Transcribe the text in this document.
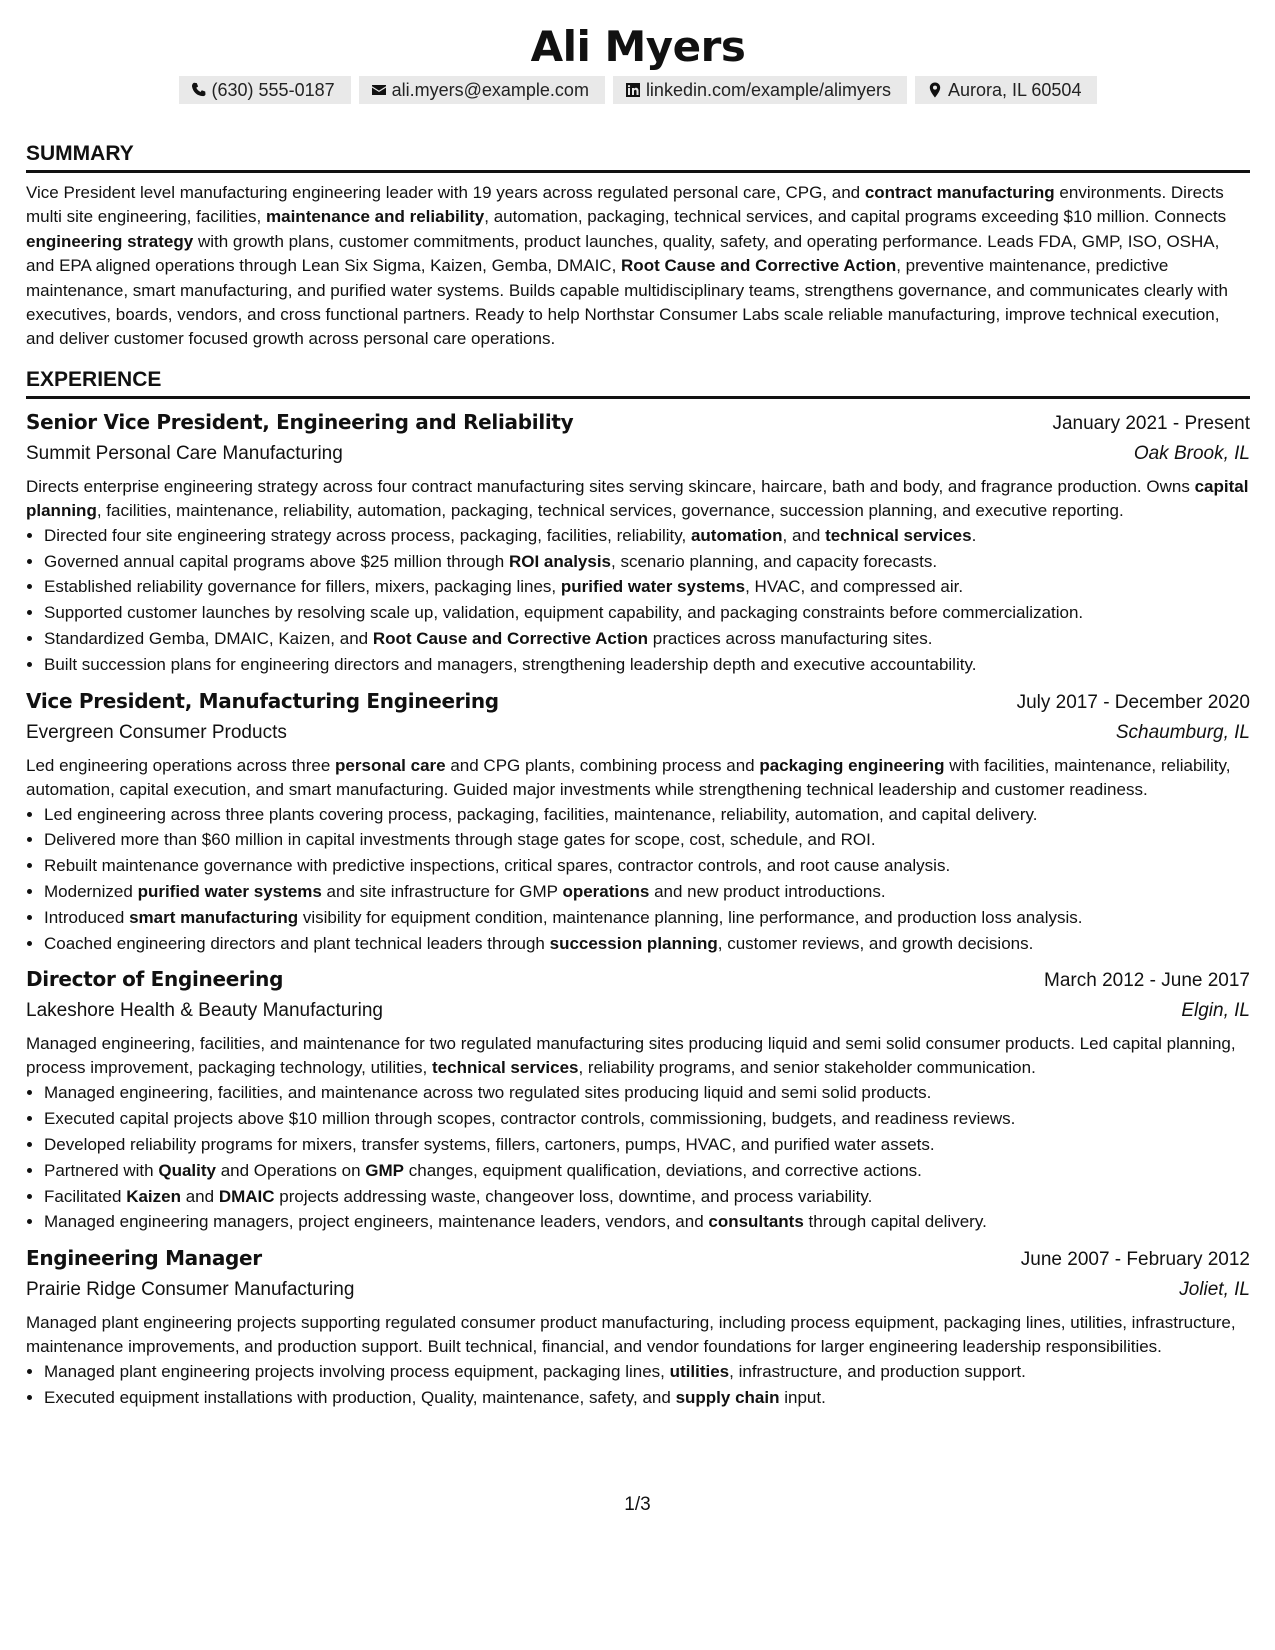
Ali Myers
(630) 555-0187	ali.myers@example.com	linkedin.com/example/alimyers	Aurora, IL 60504
SUMMARY

Vice President level manufacturing engineering leader with 19 years across regulated personal care, CPG, and contract manufacturing environments. Directs multi site engineering, facilities, maintenance and reliability, automation, packaging, technical services, and capital programs exceeding $10 million. Connects engineering strategy with growth plans, customer commitments, product launches, quality, safety, and operating performance. Leads FDA, GMP, ISO, OSHA, and EPA aligned operations through Lean Six Sigma, Kaizen, Gemba, DMAIC, Root Cause and Corrective Action, preventive maintenance, predictive maintenance, smart manufacturing, and purified water systems. Builds capable multidisciplinary teams, strengthens governance, and communicates clearly with executives, boards, vendors, and cross functional partners. Ready to help Northstar Consumer Labs scale reliable manufacturing, improve technical execution, and deliver customer focused growth across personal care operations.

EXPERIENCE
Senior Vice President, Engineering and Reliability	January 2021 - Present
Summit Personal Care Manufacturing	Oak Brook, IL

Directs enterprise engineering strategy across four contract manufacturing sites serving skincare, haircare, bath and body, and fragrance production. Owns capital planning, facilities, maintenance, reliability, automation, packaging, technical services, governance, succession planning, and executive reporting.

• Directed four site engineering strategy across process, packaging, facilities, reliability, automation, and technical services.
• Governed annual capital programs above $25 million through ROI analysis, scenario planning, and capacity forecasts.
• Established reliability governance for fillers, mixers, packaging lines, purified water systems, HVAC, and compressed air.
• Supported customer launches by resolving scale up, validation, equipment capability, and packaging constraints before commercialization.
• Standardized Gemba, DMAIC, Kaizen, and Root Cause and Corrective Action practices across manufacturing sites.
• Built succession plans for engineering directors and managers, strengthening leadership depth and executive accountability.
Vice President, Manufacturing Engineering	July 2017 - December 2020
Evergreen Consumer Products	Schaumburg, IL

Led engineering operations across three personal care and CPG plants, combining process and packaging engineering with facilities, maintenance, reliability, automation, capital execution, and smart manufacturing. Guided major investments while strengthening technical leadership and customer readiness.

• Led engineering across three plants covering process, packaging, facilities, maintenance, reliability, automation, and capital delivery.
• Delivered more than $60 million in capital investments through stage gates for scope, cost, schedule, and ROI.
• Rebuilt maintenance governance with predictive inspections, critical spares, contractor controls, and root cause analysis.
• Modernized purified water systems and site infrastructure for GMP operations and new product introductions.
• Introduced smart manufacturing visibility for equipment condition, maintenance planning, line performance, and production loss analysis.
• Coached engineering directors and plant technical leaders through succession planning, customer reviews, and growth decisions.
Director of Engineering	March 2012 - June 2017
Lakeshore Health & Beauty Manufacturing	Elgin, IL

Managed engineering, facilities, and maintenance for two regulated manufacturing sites producing liquid and semi solid consumer products. Led capital planning, process improvement, packaging technology, utilities, technical services, reliability programs, and senior stakeholder communication.

• Managed engineering, facilities, and maintenance across two regulated sites producing liquid and semi solid products.
• Executed capital projects above $10 million through scopes, contractor controls, commissioning, budgets, and readiness reviews.
• Developed reliability programs for mixers, transfer systems, fillers, cartoners, pumps, HVAC, and purified water assets.
• Partnered with Quality and Operations on GMP changes, equipment qualification, deviations, and corrective actions.
• Facilitated Kaizen and DMAIC projects addressing waste, changeover loss, downtime, and process variability.
• Managed engineering managers, project engineers, maintenance leaders, vendors, and consultants through capital delivery.
Engineering Manager	June 2007 - February 2012
Prairie Ridge Consumer Manufacturing	Joliet, IL

Managed plant engineering projects supporting regulated consumer product manufacturing, including process equipment, packaging lines, utilities, infrastructure, maintenance improvements, and production support. Built technical, financial, and vendor foundations for larger engineering leadership responsibilities.

• Managed plant engineering projects involving process equipment, packaging lines, utilities, infrastructure, and production support.
• Executed equipment installations with production, Quality, maintenance, safety, and supply chain input.
1/3
